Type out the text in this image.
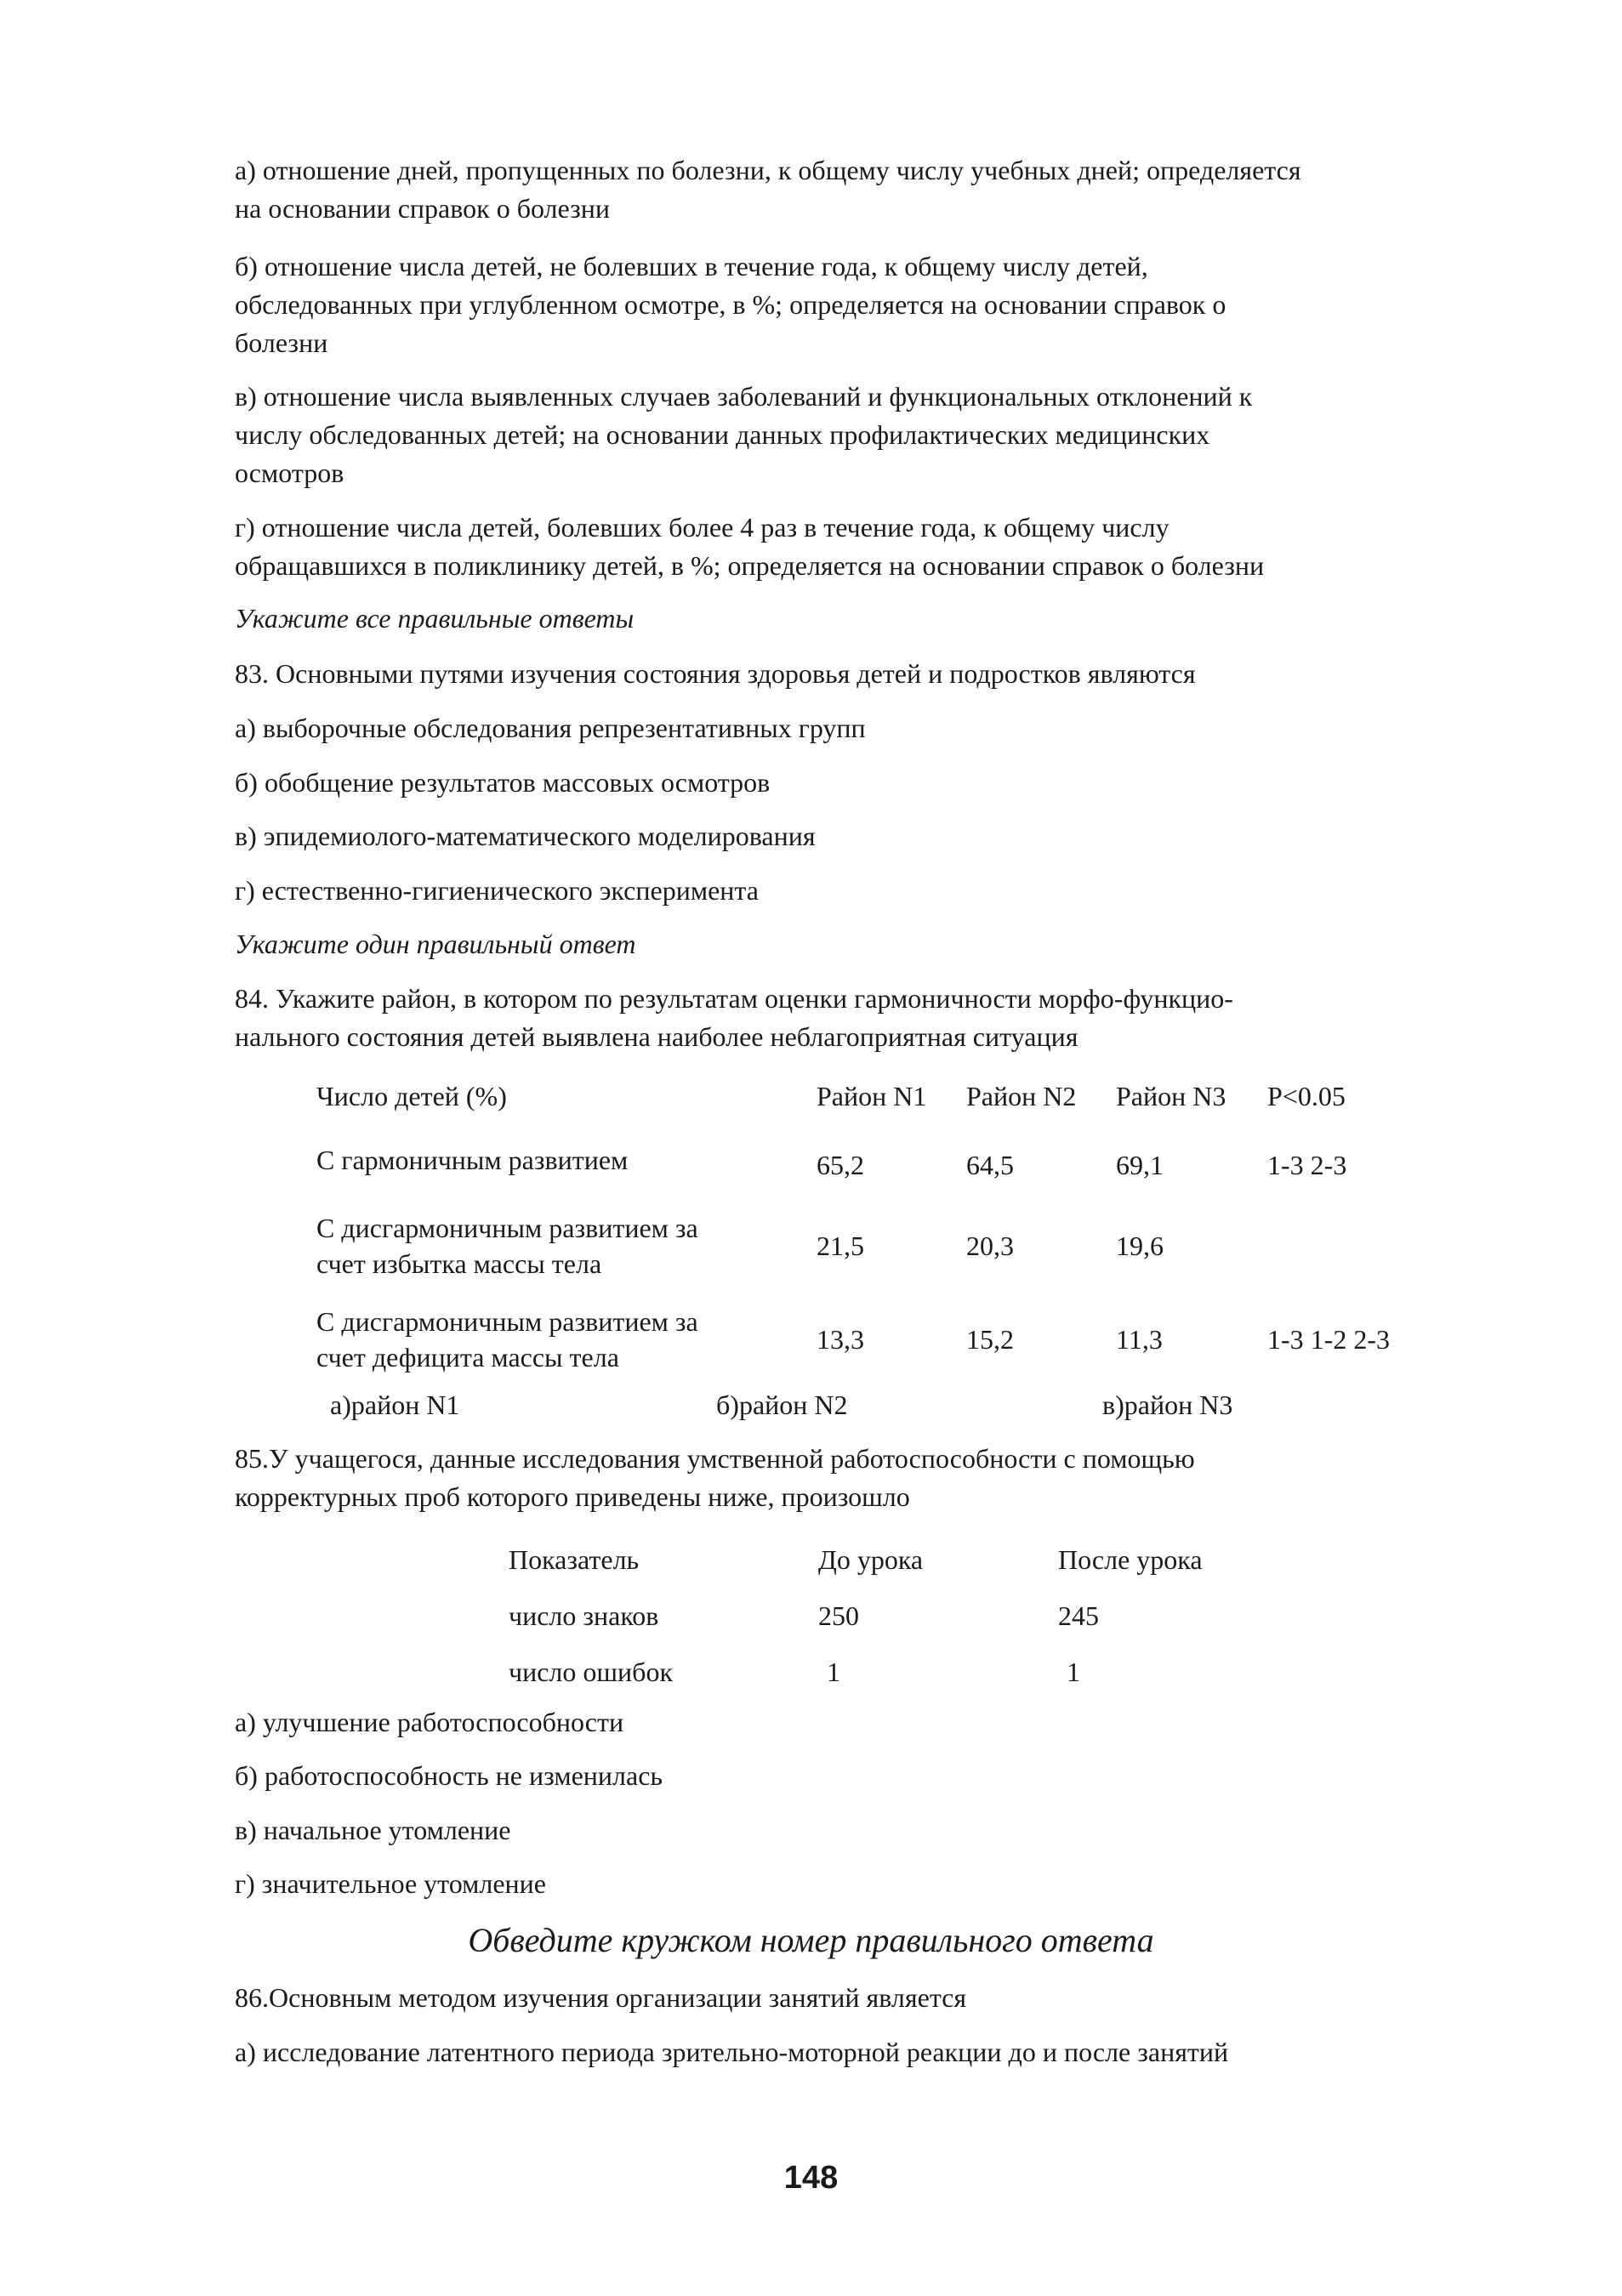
а) отношение дней, пропущенных по болезни, к общему числу учебных дней; определяется

на основании справок о болезни

б) отношение числа детей, не болевших в течение года, к общему числу детей,

обследованных при углубленном осмотре, в %; определяется на основании справок о

болезни

в) отношение числа выявленных случаев заболеваний и функциональных отклонений к

числу обследованных детей; на основании данных профилактических медицинских

осмотров

г) отношение числа детей, болевших более 4 раз в течение года, к общему числу

обращавшихся в поликлинику детей, в %; определяется на основании справок о болезни

Укажите все правильные ответы

83. Основными путями изучения состояния здоровья детей и подростков являются

а) выборочные обследования репрезентативных групп

б) обобщение результатов массовых осмотров

в) эпидемиолого-математического моделирования

г) естественно-гигиенического эксперимента

Укажите один правильный ответ

84. Укажите район, в котором по результатам оценки гармоничности морфо-функцио-

нального состояния детей выявлена наиболее неблагоприятная ситуация

Число детей (%)	Район N1	Район N2	Район N3	P<0.05
С гармоничным развитием	65,2	64,5	69,1	1-3 2-3

С дисгармоничным развитием за
счет избытка массы тела	21,5	20,3	19,6	

С дисгармоничным развитием за
счет дефицита массы тела	13,3	15,2	11,3	1-3 1-2 2-3
а)район N1	б)район N2	в)район N3

85.У учащегося, данные исследования умственной работоспособности с помощью

корректурных проб которого приведены ниже, произошло

Показатель	До урока	После урока
число знаков	250	245
число ошибок	1	1

а) улучшение работоспособности

б) работоспособность не изменилась

в) начальное утомление

г) значительное утомление

Обведите кружком номер правильного ответа

86.Основным методом изучения организации занятий является

а) исследование латентного периода зрительно-моторной реакции до и после занятий

148
